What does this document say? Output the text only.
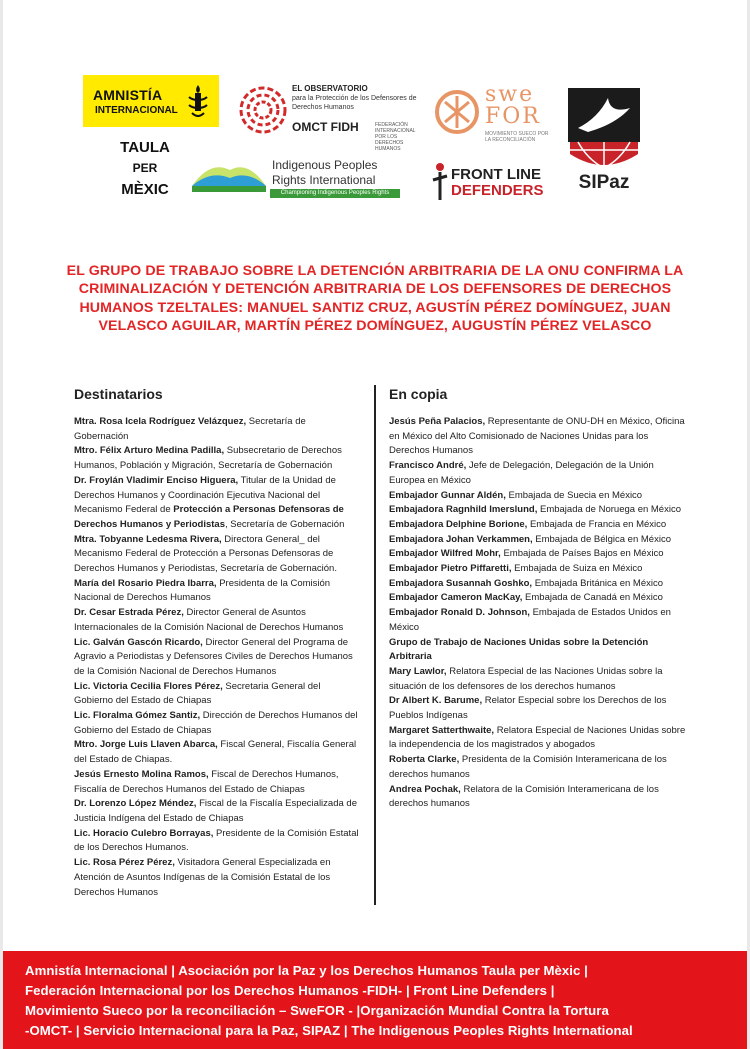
AMNISTÍA
INTERNACIONAL
TAULA
PER
MÈXIC
EL OBSERVATORIO
para la Protección de los Defensores de Derechos Humanos
OMCT FIDH	FEDERACIÓN INTERNACIONAL POR LOS DERECHOS HUMANOS
Indigenous Peoples
Rights International
Championing Indigenous Peoples Rights
swe
FOR
MOVIMIENTO SUECO POR LA RECONCILIACIÓN
FRONT LINE
DEFENDERS	SIPaz
EL GRUPO DE TRABAJO SOBRE LA DETENCIÓN ARBITRARIA DE LA ONU CONFIRMA LA CRIMINALIZACIÓN Y DETENCIÓN ARBITRARIA DE LOS DEFENSORES DE DERECHOS HUMANOS TZELTALES: MANUEL SANTIZ CRUZ, AGUSTÍN PÉREZ DOMÍNGUEZ, JUAN VELASCO AGUILAR, MARTÍN PÉREZ DOMÍNGUEZ, AUGUSTÍN PÉREZ VELASCO
Destinatarios

Mtra. Rosa Icela Rodríguez Velázquez, Secretaría de Gobernación

Mtro. Félix Arturo Medina Padilla, Subsecretario de Derechos Humanos, Población y Migración, Secretaría de Gobernación

Dr. Froylán Vladimir Enciso Higuera, Titular de la Unidad de Derechos Humanos y Coordinación Ejecutiva Nacional del Mecanismo Federal de Protección a Personas Defensoras de Derechos Humanos y Periodistas, Secretaría de Gobernación

Mtra. Tobyanne Ledesma Rivera, Directora General_ del Mecanismo Federal de Protección a Personas Defensoras de Derechos Humanos y Periodistas, Secretaría de Gobernación.

María del Rosario Piedra Ibarra, Presidenta de la Comisión Nacional de Derechos Humanos

Dr. Cesar Estrada Pérez, Director General de Asuntos Internacionales de la Comisión Nacional de Derechos Humanos

Lic. Galván Gascón Ricardo, Director General del Programa de Agravio a Periodistas y Defensores Civiles de Derechos Humanos de la Comisión Nacional de Derechos Humanos

Lic. Victoria Cecilia Flores Pérez, Secretaria General del Gobierno del Estado de Chiapas

Lic. Floralma Gómez Santiz, Dirección de Derechos Humanos del Gobierno del Estado de Chiapas

Mtro. Jorge Luis Llaven Abarca, Fiscal General, Fiscalía General del Estado de Chiapas.

Jesús Ernesto Molina Ramos, Fiscal de Derechos Humanos, Fiscalía de Derechos Humanos del Estado de Chiapas

Dr. Lorenzo López Méndez, Fiscal de la Fiscalía Especializada de Justicia Indígena del Estado de Chiapas

Lic. Horacio Culebro Borrayas, Presidente de la Comisión Estatal de los Derechos Humanos.

Lic. Rosa Pérez Pérez, Visitadora General Especializada en Atención de Asuntos Indígenas de la Comisión Estatal de los Derechos Humanos

En copia

Jesús Peña Palacios, Representante de ONU-DH en México, Oficina en México del Alto Comisionado de Naciones Unidas para los Derechos Humanos

Francisco André, Jefe de Delegación, Delegación de la Unión Europea en México

Embajador Gunnar Aldén, Embajada de Suecia en México

Embajadora Ragnhild Imerslund, Embajada de Noruega en México

Embajadora Delphine Borione, Embajada de Francia en México

Embajadora Johan Verkammen, Embajada de Bélgica en México

Embajador Wilfred Mohr, Embajada de Países Bajos en México

Embajador Pietro Piffaretti, Embajada de Suiza en México

Embajadora Susannah Goshko, Embajada Británica en México

Embajador Cameron MacKay, Embajada de Canadá en México

Embajador Ronald D. Johnson, Embajada de Estados Unidos en México

Grupo de Trabajo de Naciones Unidas sobre la Detención Arbitraria

Mary Lawlor, Relatora Especial de las Naciones Unidas sobre la situación de los defensores de los derechos humanos

Dr Albert K. Barume, Relator Especial sobre los Derechos de los Pueblos Indígenas

Margaret Satterthwaite, Relatora Especial de Naciones Unidas sobre la independencia de los magistrados y abogados

Roberta Clarke, Presidenta de la Comisión Interamericana de los derechos humanos

Andrea Pochak, Relatora de la Comisión Interamericana de los derechos humanos

Amnistía Internacional | Asociación por la Paz y los Derechos Humanos Taula per Mèxic |
Federación Internacional por los Derechos Humanos -FIDH- | Front Line Defenders |
Movimiento Sueco por la reconciliación – SweFOR - |Organización Mundial Contra la Tortura
-OMCT- | Servicio Internacional para la Paz, SIPAZ | The Indigenous Peoples Rights International
